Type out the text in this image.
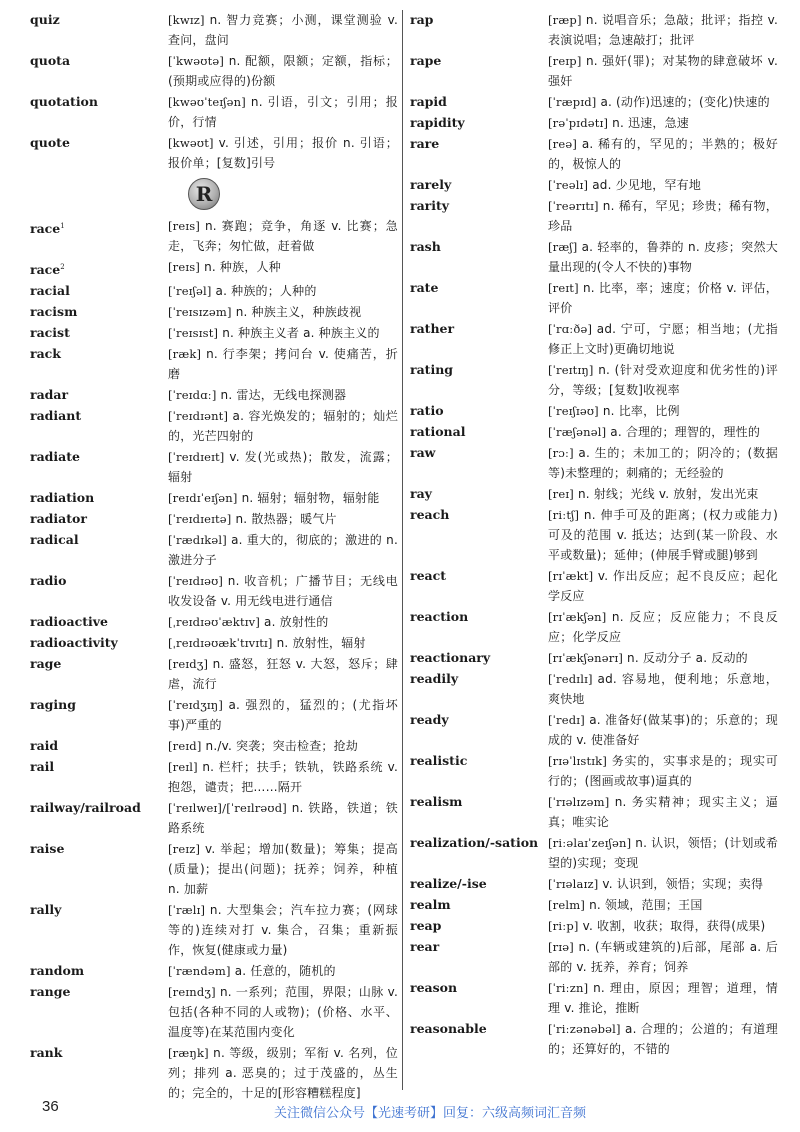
quiz	[kwɪz] n. 智力竞赛；小测，课堂测验 v. 查问，盘问
quota	[ˈkwəʊtə] n. 配额，限额；定额，指标；(预期或应得的)份额
quotation	[kwəʊˈteɪʃən] n. 引语，引文；引用；报价，行情
quote	[kwəʊt] v. 引述，引用；报价 n. 引语；报价单；[复数]引号
R
race$^1$	[reɪs] n. 赛跑；竞争，角逐 v. 比赛；急走，飞奔；匆忙做，赶着做
race$^2$	[reɪs] n. 种族，人种
racial	[ˈreɪʃəl] a. 种族的；人种的
racism	[ˈreɪsɪzəm] n. 种族主义，种族歧视
racist	[ˈreɪsɪst] n. 种族主义者 a. 种族主义的
rack	[ræk] n. 行李架；拷问台 v. 使痛苦，折磨
radar	[ˈreɪdɑː] n. 雷达，无线电探测器
radiant	[ˈreɪdɪənt] a. 容光焕发的；辐射的；灿烂的，光芒四射的
radiate	[ˈreɪdɪeɪt] v. 发(光或热)；散发，流露；辐射
radiation	[reɪdɪˈeɪʃən] n. 辐射；辐射物，辐射能
radiator	[ˈreɪdɪeɪtə] n. 散热器；暖气片
radical	[ˈrædɪkəl] a. 重大的，彻底的；激进的 n. 激进分子
radio	[ˈreɪdɪəʊ] n. 收音机；广播节目；无线电收发设备 v. 用无线电进行通信
radioactive	[ˌreɪdɪəʊˈæktɪv] a. 放射性的
radioactivity	[ˌreɪdɪəʊækˈtɪvɪtɪ] n. 放射性，辐射
rage	[reɪdʒ] n. 盛怒，狂怒 v. 大怒，怒斥；肆虐，流行
raging	[ˈreɪdʒɪŋ] a. 强烈的，猛烈的；(尤指坏事)严重的
raid	[reɪd] n./v. 突袭；突击检查；抢劫
rail	[reɪl] n. 栏杆；扶手；铁轨，铁路系统 v. 抱怨，谴责；把……隔开
railway/railroad	[ˈreɪlweɪ]/[ˈreɪlrəʊd] n. 铁路，铁道；铁路系统
raise	[reɪz] v. 举起；增加(数量)；筹集；提高(质量)；提出(问题)；抚养；饲养，种植 n. 加薪
rally	[ˈrælɪ] n. 大型集会；汽车拉力赛；(网球等的)连续对打 v. 集合，召集；重新振作，恢复(健康或力量)
random	[ˈrændəm] a. 任意的，随机的
range	[reɪndʒ] n. 一系列；范围，界限；山脉 v. 包括(各种不同的人或物)；(价格、水平、温度等)在某范围内变化
rank	[ræŋk] n. 等级，级别；军衔 v. 名列，位列；排列 a. 恶臭的；过于茂盛的，丛生的；完全的，十足的[形容糟糕程度]
rap	[ræp] n. 说唱音乐；急敲；批评；指控 v. 表演说唱；急速敲打；批评
rape	[reɪp] n. 强奸(罪)；对某物的肆意破坏 v. 强奸
rapid	[ˈræpɪd] a. (动作)迅速的；(变化)快速的
rapidity	[rəˈpɪdətɪ] n. 迅速，急速
rare	[reə] a. 稀有的，罕见的；半熟的；极好的，极惊人的
rarely	[ˈreəlɪ] ad. 少见地，罕有地
rarity	[ˈreərɪtɪ] n. 稀有，罕见；珍贵；稀有物，珍品
rash	[ræʃ] a. 轻率的，鲁莽的 n. 皮疹；突然大量出现的(令人不快的)事物
rate	[reɪt] n. 比率，率；速度；价格 v. 评估，评价
rather	[ˈrɑːðə] ad. 宁可，宁愿；相当地；(尤指修正上文时)更确切地说
rating	[ˈreɪtɪŋ] n. (针对受欢迎度和优劣性的)评分，等级；[复数]收视率
ratio	[ˈreɪʃɪəʊ] n. 比率，比例
rational	[ˈræʃənəl] a. 合理的；理智的，理性的
raw	[rɔː] a. 生的；未加工的；阴冷的；(数据等)未整理的；刺痛的；无经验的
ray	[reɪ] n. 射线；光线 v. 放射，发出光束
reach	[riːtʃ] n. 伸手可及的距离；(权力或能力)可及的范围 v. 抵达；达到(某一阶段、水平或数量)；延伸；(伸展手臂或腿)够到
react	[rɪˈækt] v. 作出反应；起不良反应；起化学反应
reaction	[rɪˈækʃən] n. 反应；反应能力；不良反应；化学反应
reactionary	[rɪˈækʃənərɪ] n. 反动分子 a. 反动的
readily	[ˈredɪlɪ] ad. 容易地，便利地；乐意地，爽快地
ready	[ˈredɪ] a. 准备好(做某事)的；乐意的；现成的 v. 使准备好
realistic	[rɪəˈlɪstɪk] 务实的，实事求是的；现实可行的；(图画或故事)逼真的
realism	[ˈrɪəlɪzəm] n. 务实精神；现实主义；逼真；唯实论
realization/-sation [riːəlaɪˈzeɪʃən] n. 认识，领悟；(计划或希望的)实现；变现
realize/-ise	[ˈrɪəlaɪz] v. 认识到，领悟；实现；卖得
realm	[relm] n. 领域，范围；王国
reap	[riːp] v. 收割，收获；取得，获得(成果)
rear	[rɪə] n. (车辆或建筑的)后部，尾部 a. 后部的 v. 抚养，养育；饲养
reason	[ˈriːzn] n. 理由，原因；理智；道理，情理 v. 推论，推断
reasonable	[ˈriːzənəbəl] a. 合理的；公道的；有道理的；还算好的，不错的
36	关注微信公众号【光速考研】回复：六级高频词汇音频
